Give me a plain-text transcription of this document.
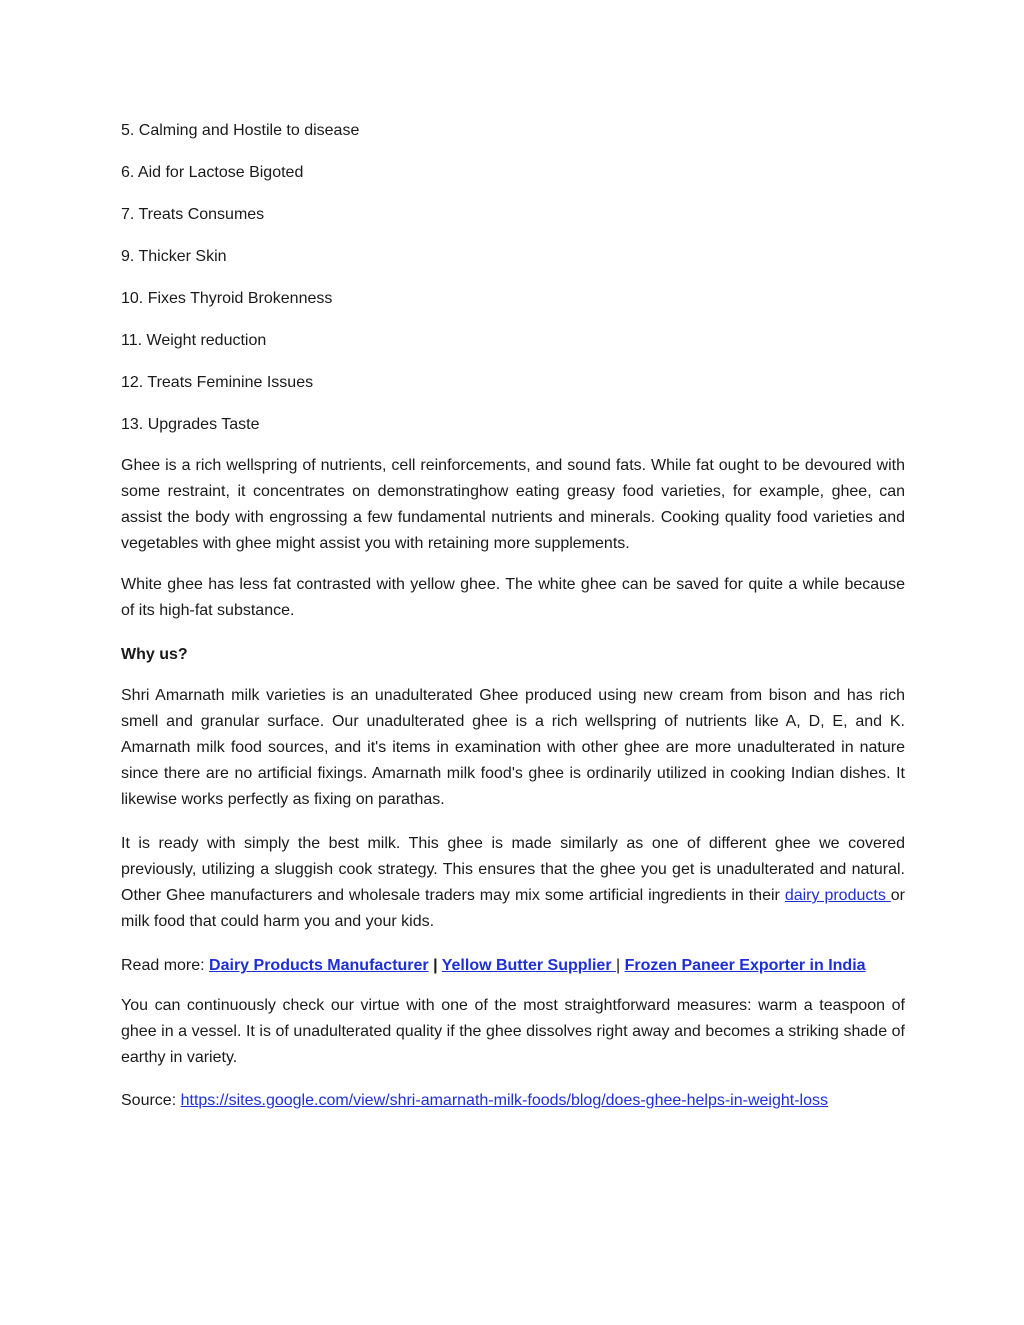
5. Calming and Hostile to disease

6. Aid for Lactose Bigoted

7. Treats Consumes

9. Thicker Skin

10. Fixes Thyroid Brokenness

11. Weight reduction

12. Treats Feminine Issues

13. Upgrades Taste

Ghee is a rich wellspring of nutrients, cell reinforcements, and sound fats. While fat ought to be devoured with some restraint, it concentrates on demonstratinghow eating greasy food varieties, for example, ghee, can assist the body with engrossing a few fundamental nutrients and minerals. Cooking quality food varieties and vegetables with ghee might assist you with retaining more supplements.

White ghee has less fat contrasted with yellow ghee. The white ghee can be saved for quite a while because of its high-fat substance.

Why us?

Shri Amarnath milk varieties is an unadulterated Ghee produced using new cream from bison and has rich smell and granular surface. Our unadulterated ghee is a rich wellspring of nutrients like A, D, E, and K. Amarnath milk food sources, and it's items in examination with other ghee are more unadulterated in nature since there are no artificial fixings. Amarnath milk food's ghee is ordinarily utilized in cooking Indian dishes. It likewise works perfectly as fixing on parathas.

It is ready with simply the best milk. This ghee is made similarly as one of different ghee we covered previously, utilizing a sluggish cook strategy. This ensures that the ghee you get is unadulterated and natural. Other Ghee manufacturers and wholesale traders may mix some artificial ingredients in their dairy products or milk food that could harm you and your kids.

Read more: Dairy Products Manufacturer | Yellow Butter Supplier | Frozen Paneer Exporter in India

You can continuously check our virtue with one of the most straightforward measures: warm a teaspoon of ghee in a vessel. It is of unadulterated quality if the ghee dissolves right away and becomes a striking shade of earthy in variety.

Source: https://sites.google.com/view/shri-amarnath-milk-foods/blog/does-ghee-helps-in-weight-loss
